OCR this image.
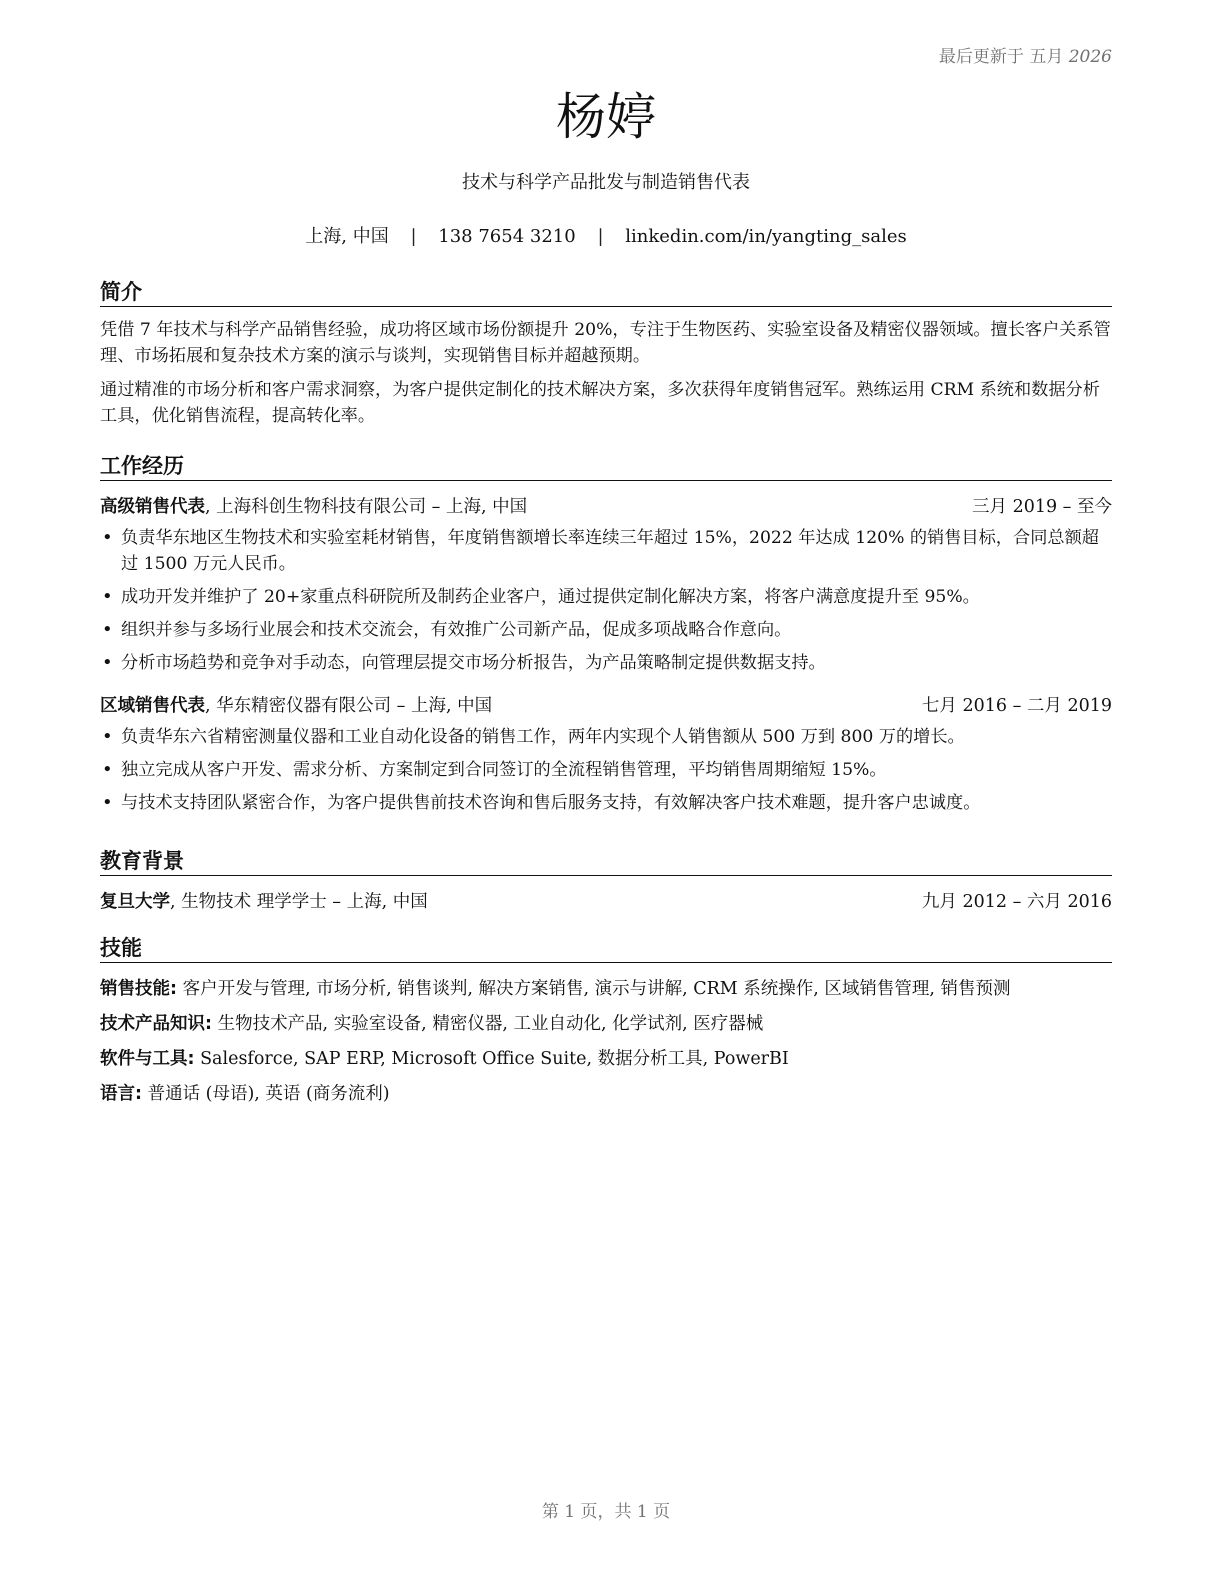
最后更新于 五月 2026
杨婷
技术与科学产品批发与制造销售代表
上海, 中国 | 138 7654 3210 | linkedin.com/in/yangting_sales
简介

凭借 7 年技术与科学产品销售经验，成功将区域市场份额提升 20%，专注于生物医药、实验室设备及精密仪器领域。擅长客户关系管理、市场拓展和复杂技术方案的演示与谈判，实现销售目标并超越预期。

通过精准的市场分析和客户需求洞察，为客户提供定制化的技术解决方案，多次获得年度销售冠军。熟练运用 CRM 系统和数据分析工具，优化销售流程，提高转化率。

工作经历
高级销售代表, 上海科创生物科技有限公司 – 上海, 中国	三月 2019 – 至今
• 负责华东地区生物技术和实验室耗材销售，年度销售额增长率连续三年超过 15%，2022 年达成 120% 的销售目标，合同总额超过 1500 万元人民币。
• 成功开发并维护了 20+家重点科研院所及制药企业客户，通过提供定制化解决方案，将客户满意度提升至 95%。
• 组织并参与多场行业展会和技术交流会，有效推广公司新产品，促成多项战略合作意向。
• 分析市场趋势和竞争对手动态，向管理层提交市场分析报告，为产品策略制定提供数据支持。
区域销售代表, 华东精密仪器有限公司 – 上海, 中国	七月 2016 – 二月 2019
• 负责华东六省精密测量仪器和工业自动化设备的销售工作，两年内实现个人销售额从 500 万到 800 万的增长。
• 独立完成从客户开发、需求分析、方案制定到合同签订的全流程销售管理，平均销售周期缩短 15%。
• 与技术支持团队紧密合作，为客户提供售前技术咨询和售后服务支持，有效解决客户技术难题，提升客户忠诚度。
教育背景
复旦大学, 生物技术 理学学士 – 上海, 中国	九月 2012 – 六月 2016
技能
销售技能: 客户开发与管理, 市场分析, 销售谈判, 解决方案销售, 演示与讲解, CRM 系统操作, 区域销售管理, 销售预测
技术产品知识: 生物技术产品, 实验室设备, 精密仪器, 工业自动化, 化学试剂, 医疗器械
软件与工具: Salesforce, SAP ERP, Microsoft Office Suite, 数据分析工具, PowerBI
语言: 普通话 (母语), 英语 (商务流利)
第 1 页，共 1 页
